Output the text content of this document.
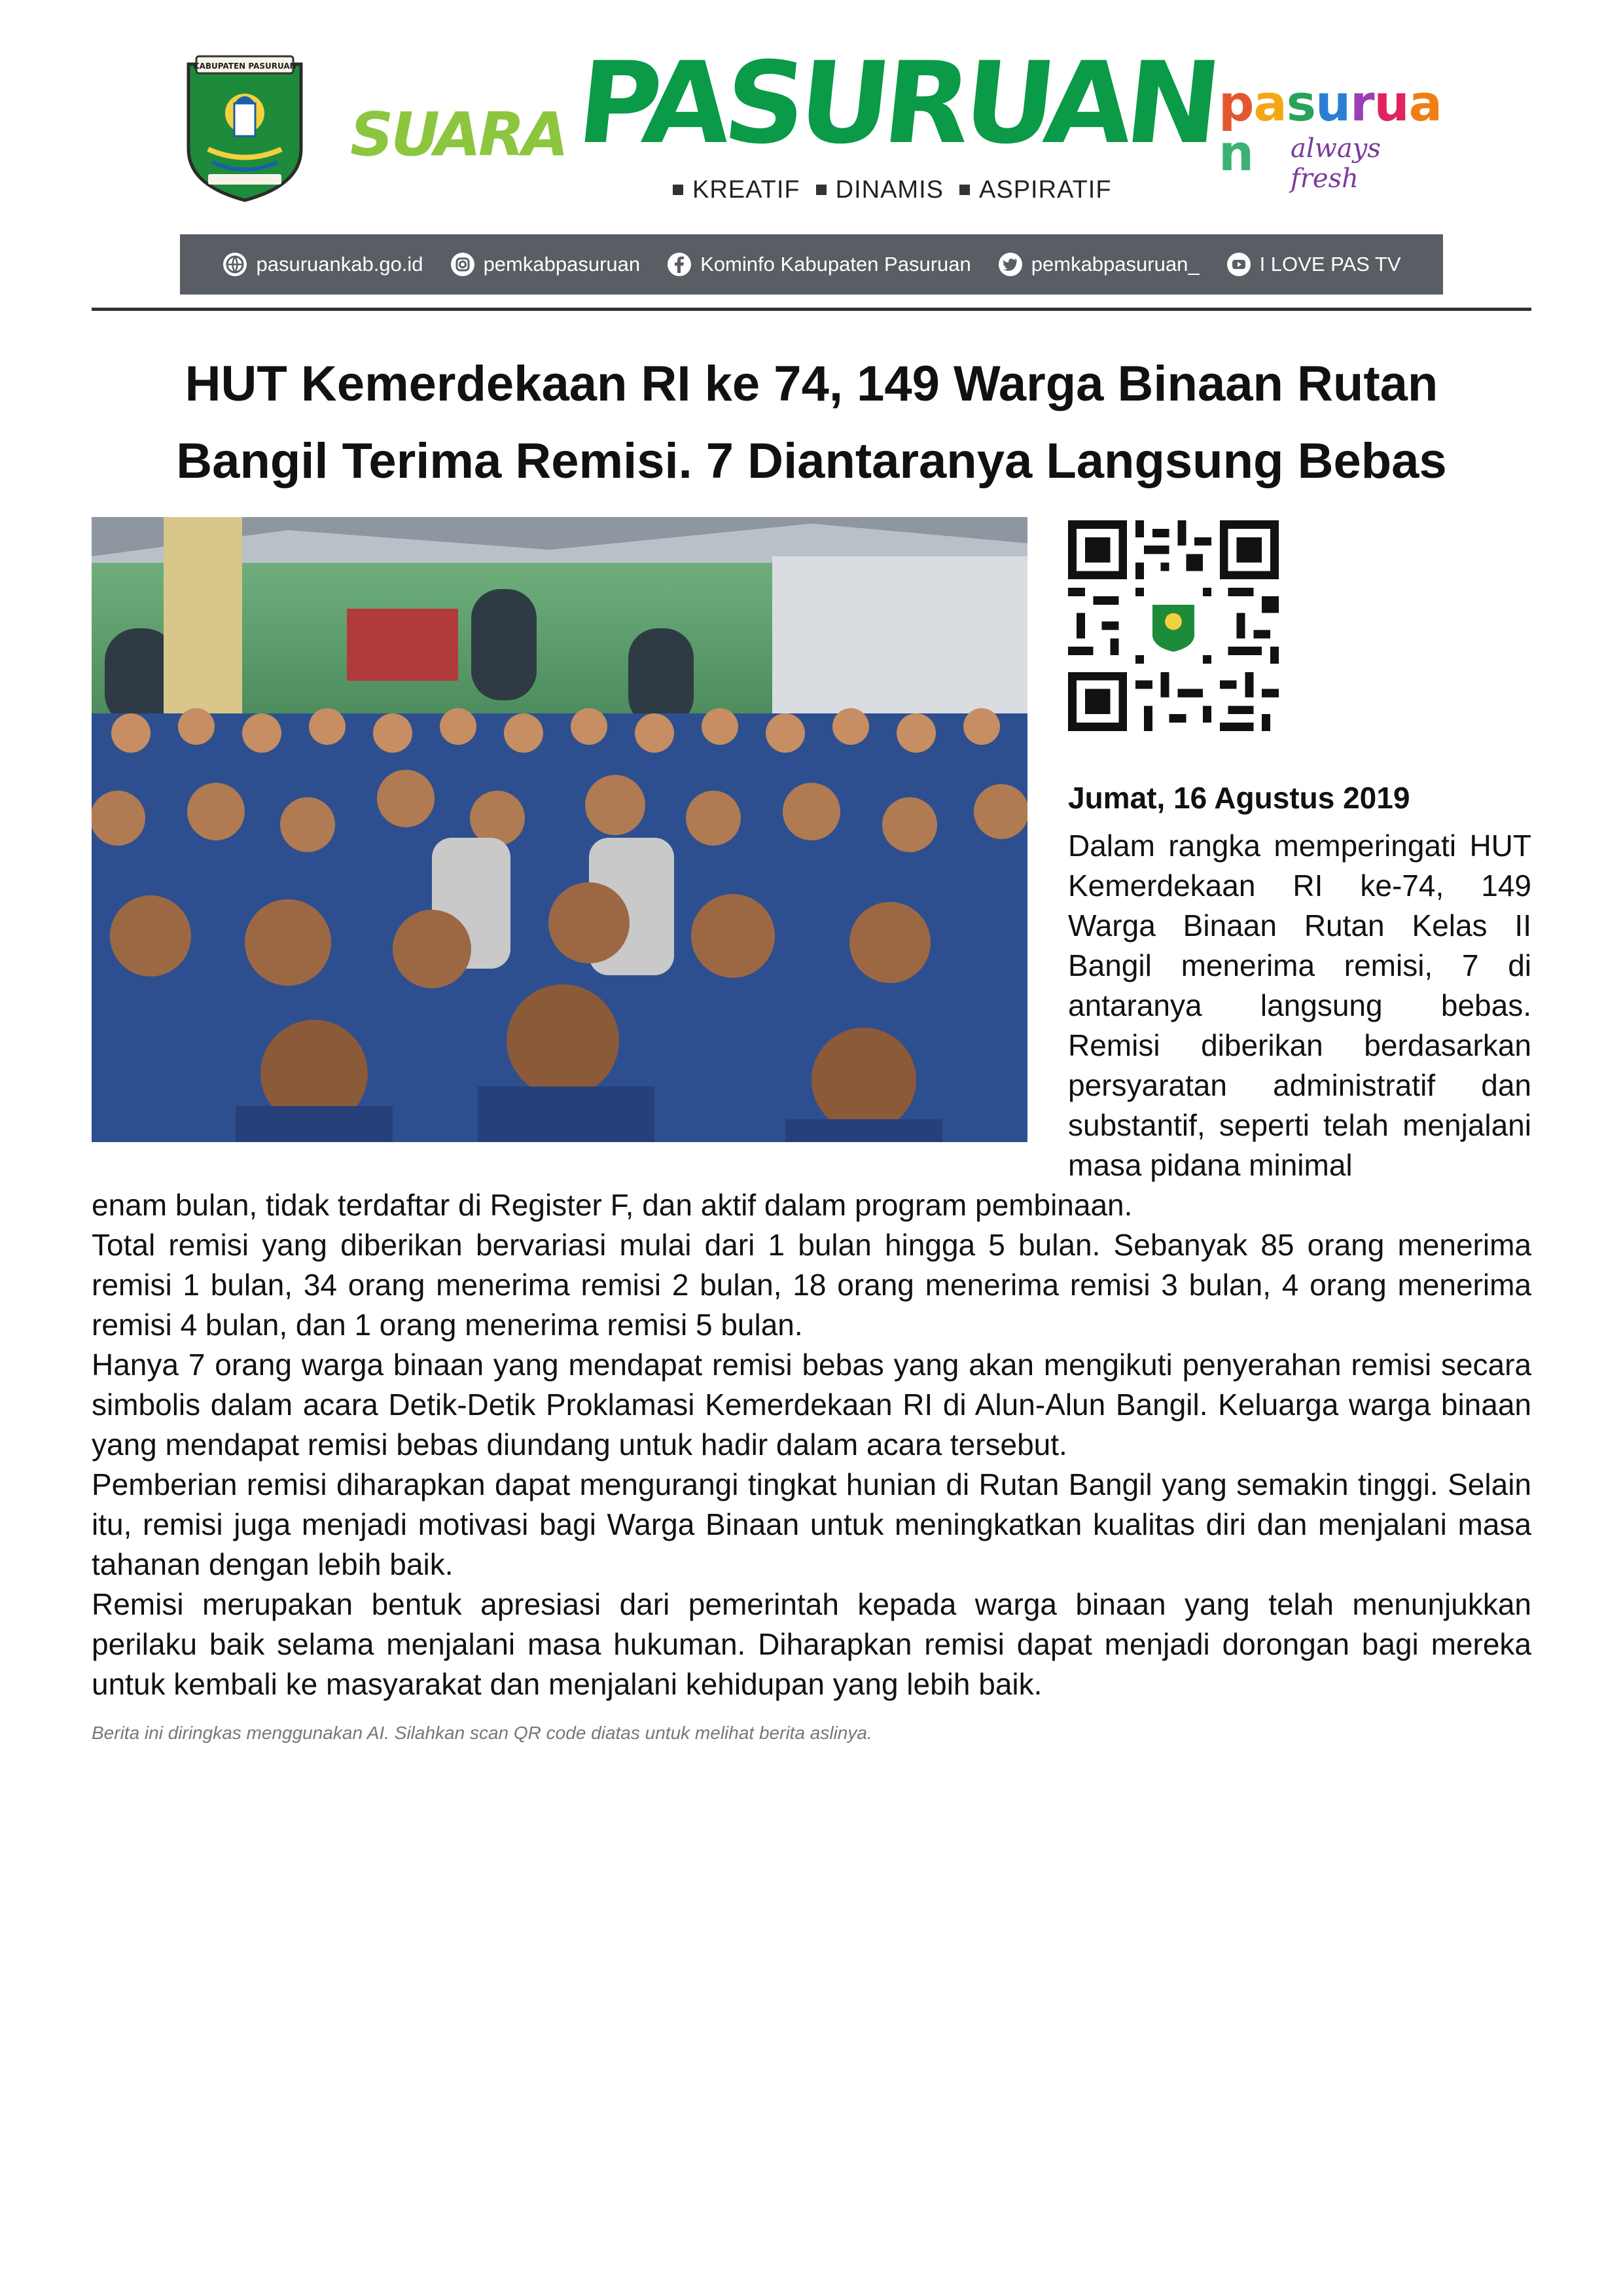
KABUPATEN PASURUAN
SUARA PASURUAN
KREATIF DINAMIS ASPIRATIF
pasuruan	always fresh
pasuruankab.go.id	pemkabpasuruan	Kominfo Kabupaten Pasuruan	pemkabpasuruan_	I LOVE PAS TV
HUT Kemerdekaan RI ke 74, 149 Warga Binaan Rutan
Bangil Terima Remisi. 7 Diantaranya Langsung Bebas
Jumat, 16 Agustus 2019
Dalam rangka memperingati HUT Kemerdekaan RI ke-74, 149 Warga Binaan Rutan Kelas II Bangil menerima remisi, 7 di antaranya langsung bebas. Remisi diberikan berdasarkan persyaratan administratif dan substantif, seperti telah menjalani masa pidana minimal
enam bulan, tidak terdaftar di Register F, dan aktif dalam program pembinaan.

Total remisi yang diberikan bervariasi mulai dari 1 bulan hingga 5 bulan. Sebanyak 85 orang menerima remisi 1 bulan, 34 orang menerima remisi 2 bulan, 18 orang menerima remisi 3 bulan, 4 orang menerima remisi 4 bulan, dan 1 orang menerima remisi 5 bulan.

Hanya 7 orang warga binaan yang mendapat remisi bebas yang akan mengikuti penyerahan remisi secara simbolis dalam acara Detik-Detik Proklamasi Kemerdekaan RI di Alun-Alun Bangil. Keluarga warga binaan yang mendapat remisi bebas diundang untuk hadir dalam acara tersebut.

Pemberian remisi diharapkan dapat mengurangi tingkat hunian di Rutan Bangil yang semakin tinggi. Selain itu, remisi juga menjadi motivasi bagi Warga Binaan untuk meningkatkan kualitas diri dan menjalani masa tahanan dengan lebih baik.

Remisi merupakan bentuk apresiasi dari pemerintah kepada warga binaan yang telah menunjukkan perilaku baik selama menjalani masa hukuman. Diharapkan remisi dapat menjadi dorongan bagi mereka untuk kembali ke masyarakat dan menjalani kehidupan yang lebih baik.

Berita ini diringkas menggunakan AI. Silahkan scan QR code diatas untuk melihat berita aslinya.
